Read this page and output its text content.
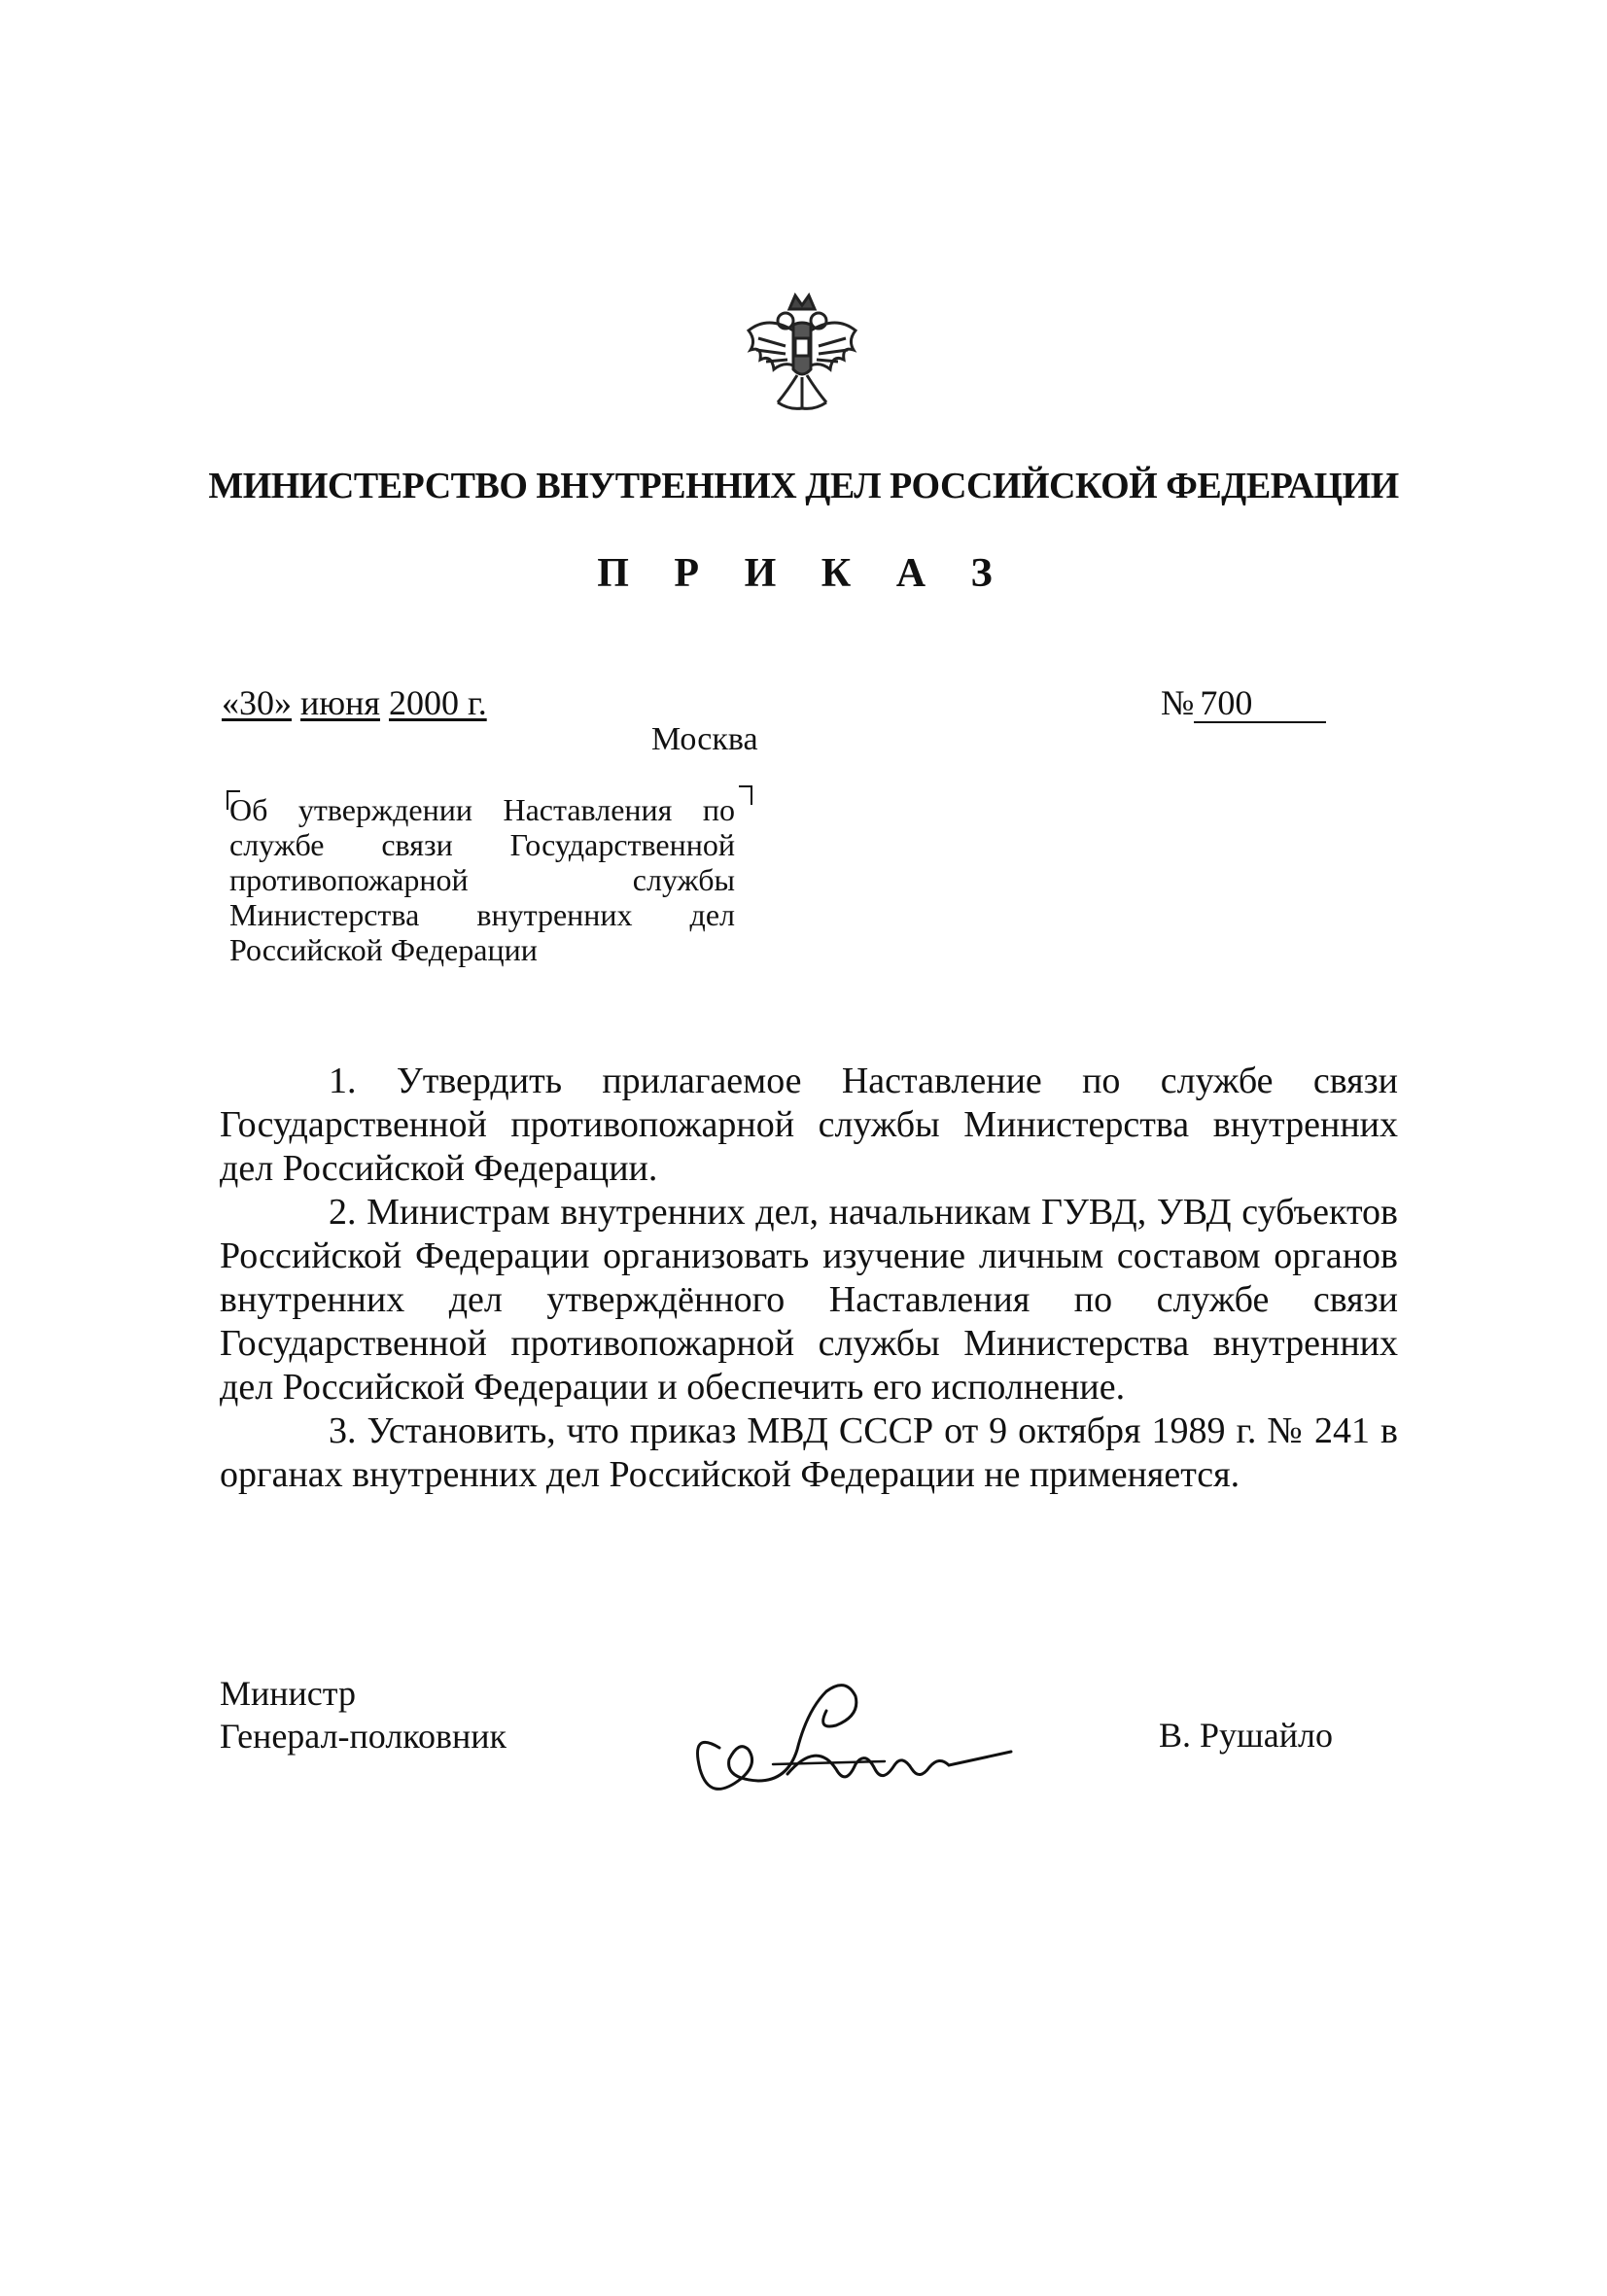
МИНИСТЕРСТВО ВНУТРЕННИХ ДЕЛ РОССИЙСКОЙ ФЕДЕРАЦИИ
П Р И К А З
«30» июня 2000 г.	№ 700
Москва
Об утверждении Наставления по службе связи Государственной противопожарной службы Министерства внутренних дел Российской Федерации

1. Утвердить прилагаемое Наставление по службе связи Государственной противопожарной службы Министерства внутренних дел Российской Федерации.

2. Министрам внутренних дел, начальникам ГУВД, УВД субъектов Российской Федерации организовать изучение личным составом органов внутренних дел утверждённого Наставления по службе связи Государственной противопожарной службы Министерства внутренних дел Российской Федерации и обеспечить его исполнение.

3. Установить, что приказ МВД СССР от 9 октября 1989 г. № 241 в органах внутренних дел Российской Федерации не применяется.

Министр
Генерал-полковник	В. Рушайло
